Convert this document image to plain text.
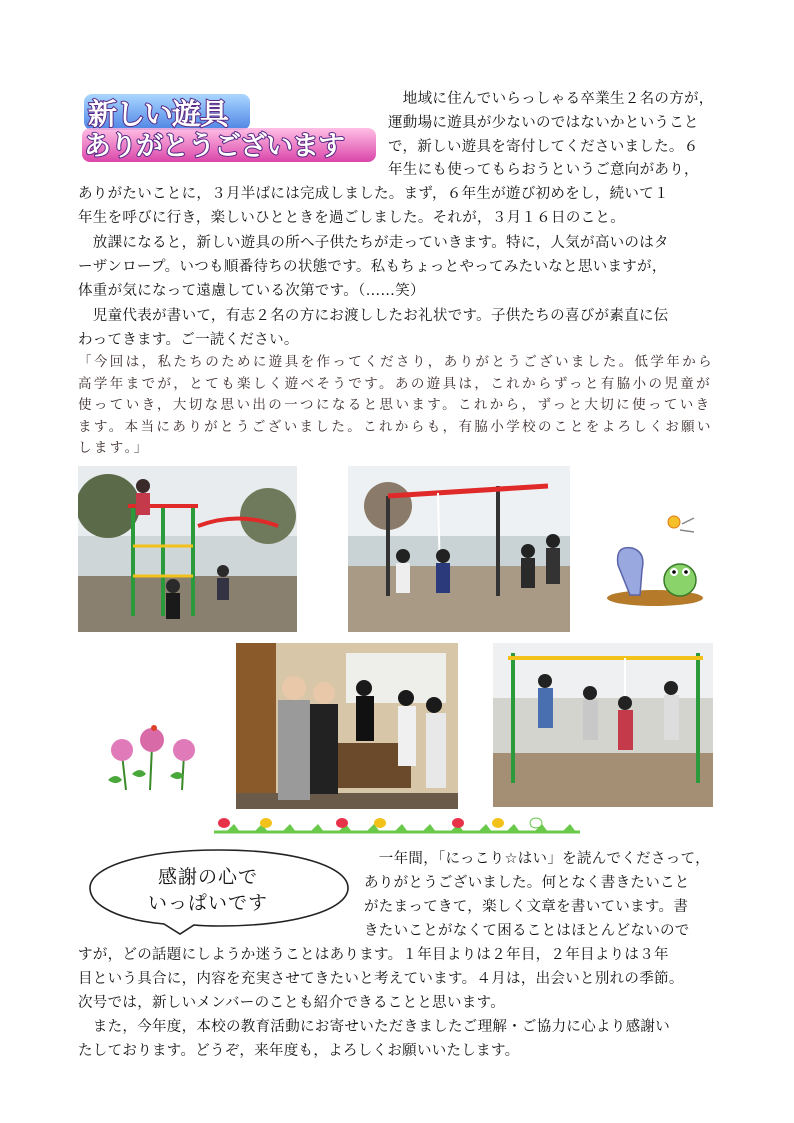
新しい遊具
ありがとうございます

　地域に住んでいらっしゃる卒業生２名の方が，

運動場に遊具が少ないのではないかということ

で，新しい遊具を寄付してくださいました。６

年生にも使ってもらおうというご意向があり，

ありがたいことに，３月半ばには完成しました。まず，６年生が遊び初めをし，続いて１

年生を呼びに行き，楽しいひとときを過ごしました。それが，３月１６日のこと。

　放課になると，新しい遊具の所へ子供たちが走っていきます。特に，人気が高いのはタ

ーザンロープ。いつも順番待ちの状態です。私もちょっとやってみたいなと思いますが，

体重が気になって遠慮している次第です。（……笑）

　児童代表が書いて，有志２名の方にお渡ししたお礼状です。子供たちの喜びが素直に伝

わってきます。ご一読ください。

「今回は，私たちのために遊具を作ってくださり，ありがとうございました。低学年から
高学年までが，とても楽しく遊べそうです。あの遊具は，これからずっと有脇小の児童が
使っていき，大切な思い出の一つになると思います。これから，ずっと大切に使っていき
ます。本当にありがとうございました。これからも，有脇小学校のことをよろしくお願い
します。」
感謝の心で
いっぱいです

　一年間，「にっこり☆はい」を読んでくださって，

ありがとうございました。何となく書きたいこと

がたまってきて，楽しく文章を書いています。書

きたいことがなくて困ることはほとんどないので

すが，どの話題にしようか迷うことはあります。１年目よりは２年目，２年目よりは３年

目という具合に，内容を充実させてきたいと考えています。４月は，出会いと別れの季節。

次号では，新しいメンバーのことも紹介できることと思います。

　また，今年度，本校の教育活動にお寄せいただきましたご理解・ご協力に心より感謝い

たしております。どうぞ，来年度も，よろしくお願いいたします。
